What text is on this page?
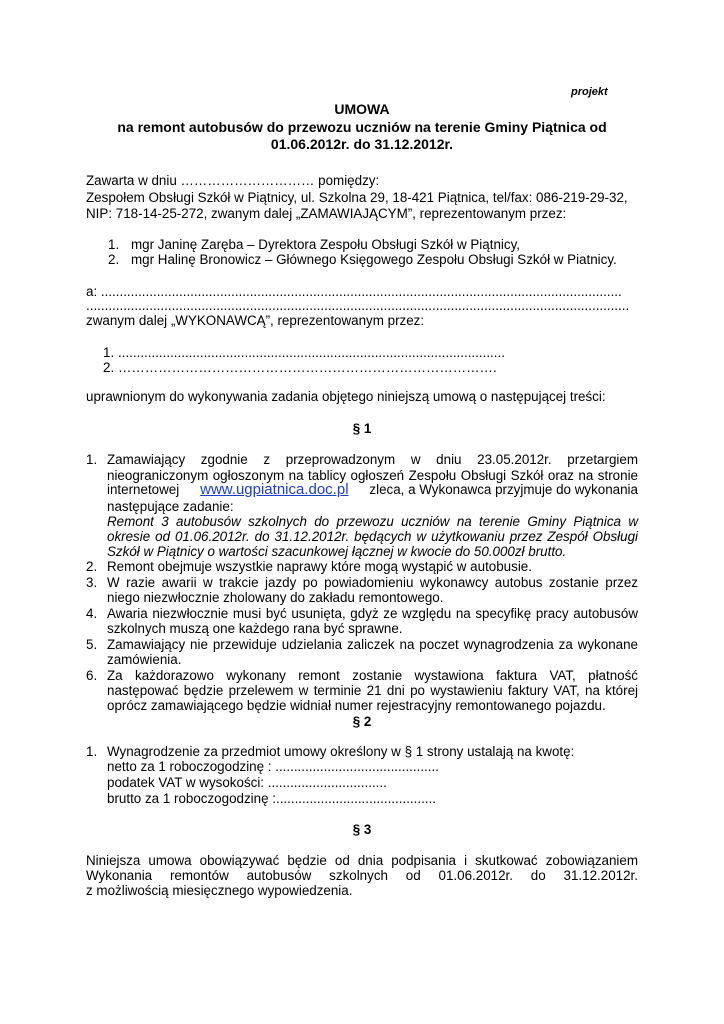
projekt
UMOWA
na remont autobusów do przewozu uczniów na terenie Gminy Piątnica od
01.06.2012r. do 31.12.2012r.
Zawarta w dniu ………………………… pomiędzy:
Zespołem Obsługi Szkół w Piątnicy, ul. Szkolna 29, 18-421 Piątnica, tel/fax: 086-219-29-32,
NIP: 718-14-25-272, zwanym dalej „ZAMAWIAJĄCYM”, reprezentowanym przez:
1. mgr Janinę Zaręba – Dyrektora Zespołu Obsługi Szkół w Piątnicy,
2. mgr Halinę Bronowicz – Głównego Księgowego Zespołu Obsługi Szkół w Piatnicy.
a: ............................................................................................................................................
..................................................................................................................................................
zwanym dalej „WYKONAWCĄ”, reprezentowanym przez:
1. ........................................................................................................
2. ………………………………………………………………………….
uprawnionym do wykonywania zadania objętego niniejszą umową o następującej treści:
§ 1
1. Zamawiający zgodnie z przeprowadzonym w dniu 23.05.2012r. przetargiem
nieograniczonym ogłoszonym na tablicy ogłoszeń Zespołu Obsługi Szkół oraz na stronie
internetowej www.ugpiatnica.doc.pl zleca, a Wykonawca przyjmuje do wykonania
następujące zadanie:
Remont 3 autobusów szkolnych do przewozu uczniów na terenie Gminy Piątnica w
okresie od 01.06.2012r. do 31.12.2012r. będących w użytkowaniu przez Zespół Obsługi
Szkół w Piątnicy o wartości szacunkowej łącznej w kwocie do 50.000zł brutto.
2. Remont obejmuje wszystkie naprawy które mogą wystąpić w autobusie.
3. W razie awarii w trakcie jazdy po powiadomieniu wykonawcy autobus zostanie przez
niego niezwłocznie zholowany do zakładu remontowego.
4. Awaria niezwłocznie musi być usunięta, gdyż ze względu na specyfikę pracy autobusów
szkolnych muszą one każdego rana być sprawne.
5. Zamawiający nie przewiduje udzielania zaliczek na poczet wynagrodzenia za wykonane
zamówienia.
6. Za każdorazowo wykonany remont zostanie wystawiona faktura VAT, płatność
następować będzie przelewem w terminie 21 dni po wystawieniu faktury VAT, na której
oprócz zamawiającego będzie widniał numer rejestracyjny remontowanego pojazdu.
§ 2
1. Wynagrodzenie za przedmiot umowy określony w § 1 strony ustalają na kwotę:
netto za 1 roboczogodzinę : ............................................
podatek VAT w wysokości: ................................
brutto za 1 roboczogodzinę :...........................................
§ 3
Niniejsza umowa obowiązywać będzie od dnia podpisania i skutkować zobowiązaniem
Wykonania remontów autobusów szkolnych od 01.06.2012r. do 31.12.2012r.
z możliwością miesięcznego wypowiedzenia.
